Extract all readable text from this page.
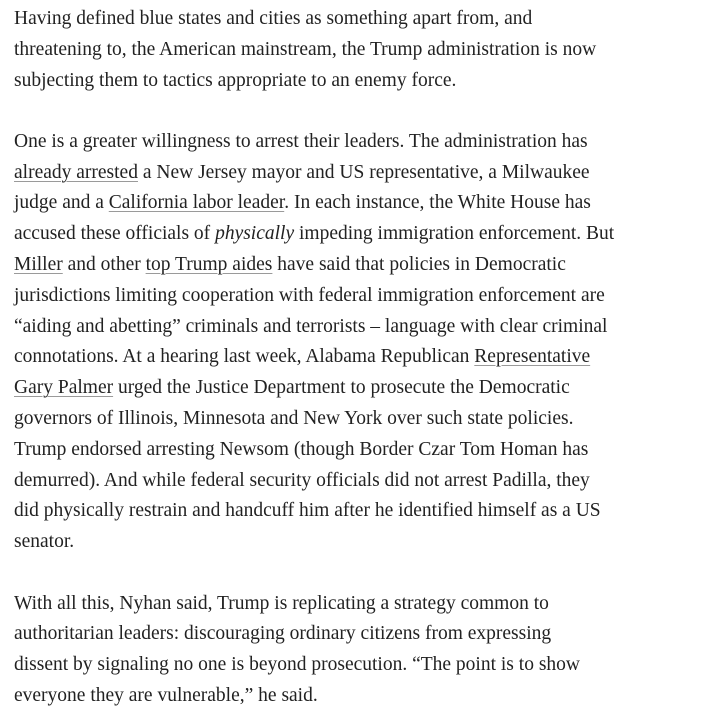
Having defined blue states and cities as something apart from, and
threatening to, the American mainstream, the Trump administration is now
subjecting them to tactics appropriate to an enemy force.

One is a greater willingness to arrest their leaders. The administration has
already arrested a New Jersey mayor and US representative, a Milwaukee
judge and a California labor leader. In each instance, the White House has
accused these officials of physically impeding immigration enforcement. But
Miller and other top Trump aides have said that policies in Democratic
jurisdictions limiting cooperation with federal immigration enforcement are
“aiding and abetting” criminals and terrorists – language with clear criminal
connotations. At a hearing last week, Alabama Republican Representative
Gary Palmer urged the Justice Department to prosecute the Democratic
governors of Illinois, Minnesota and New York over such state policies.
Trump endorsed arresting Newsom (though Border Czar Tom Homan has
demurred). And while federal security officials did not arrest Padilla, they
did physically restrain and handcuff him after he identified himself as a US
senator.

With all this, Nyhan said, Trump is replicating a strategy common to
authoritarian leaders: discouraging ordinary citizens from expressing
dissent by signaling no one is beyond prosecution. “The point is to show
everyone they are vulnerable,” he said.
